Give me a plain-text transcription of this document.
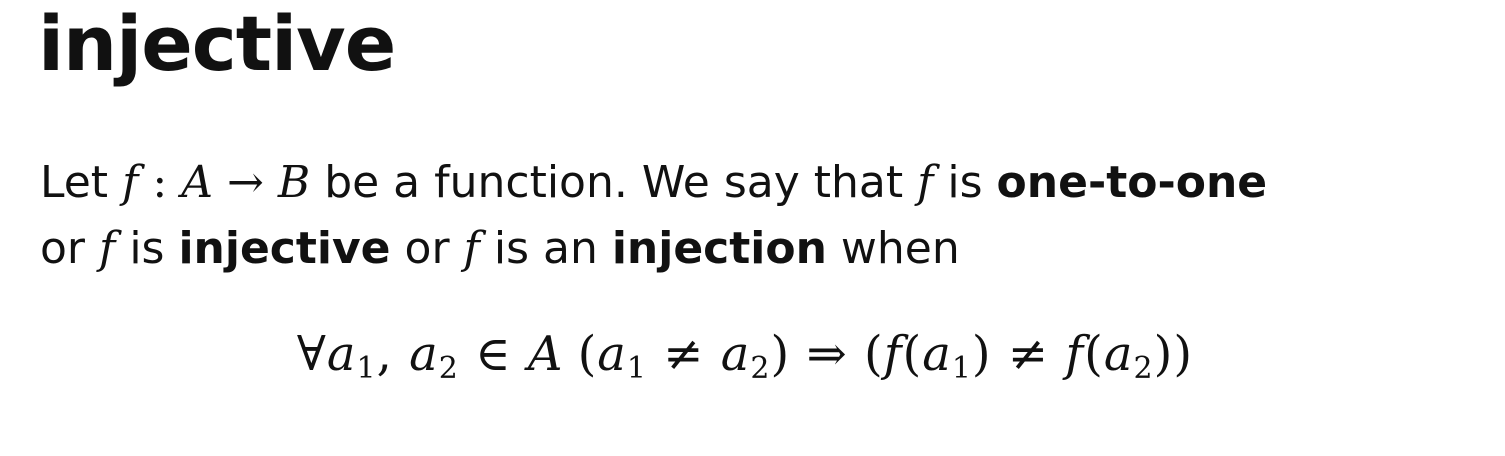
injective

Let f : A → B be a function. We say that f is one-to-one
or f is injective or f is an injection when

$\forall a_1$, $a_2$ ∈ A $(a_1 \ne a_2)$ ⇒ $(f(a_1) \ne f(a_2))$
